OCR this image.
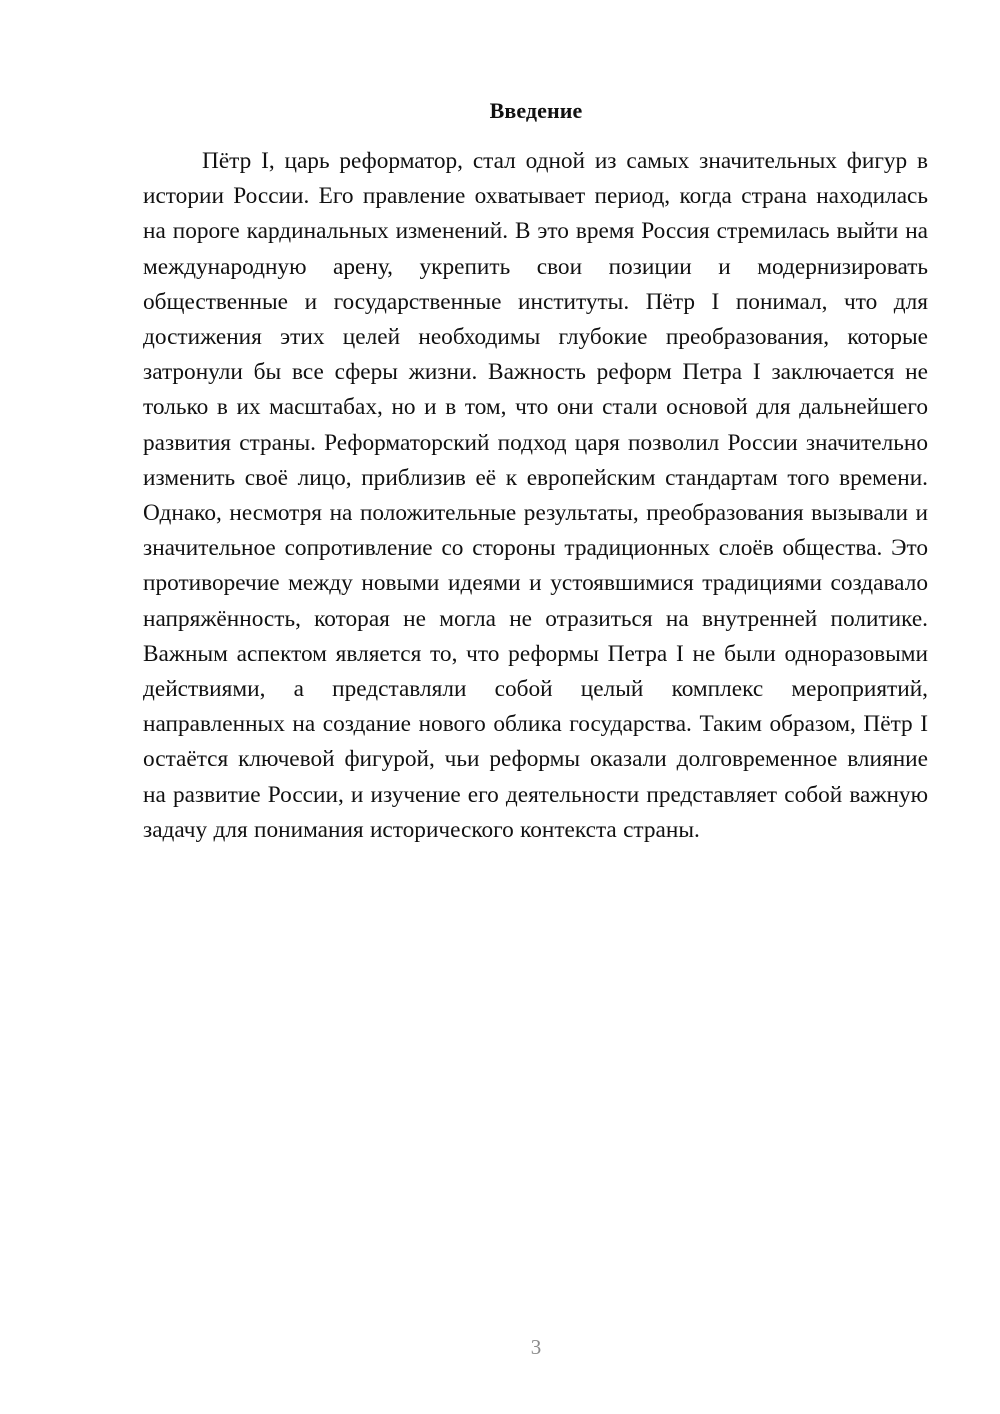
Введение

Пётр I, царь реформатор, стал одной из самых значительных фигур в истории России. Его правление охватывает период, когда страна находилась на пороге кардинальных изменений. В это время Россия стремилась выйти на международную арену, укрепить свои позиции и модернизировать общественные и государственные институты. Пётр I понимал, что для достижения этих целей необходимы глубокие преобразования, которые затронули бы все сферы жизни. Важность реформ Петра I заключается не только в их масштабах, но и в том, что они стали основой для дальнейшего развития страны. Реформаторский подход царя позволил России значительно изменить своё лицо, приблизив её к европейским стандартам того времени. Однако, несмотря на положительные результаты, преобразования вызывали и значительное сопротивление со стороны традиционных слоёв общества. Это противоречие между новыми идеями и устоявшимися традициями создавало напряжённость, которая не могла не отразиться на внутренней политике. Важным аспектом является то, что реформы Петра I не были одноразовыми действиями, а представляли собой целый комплекс мероприятий, направленных на создание нового облика государства. Таким образом, Пётр I остаётся ключевой фигурой, чьи реформы оказали долговременное влияние на развитие России, и изучение его деятельности представляет собой важную задачу для понимания исторического контекста страны.

3
